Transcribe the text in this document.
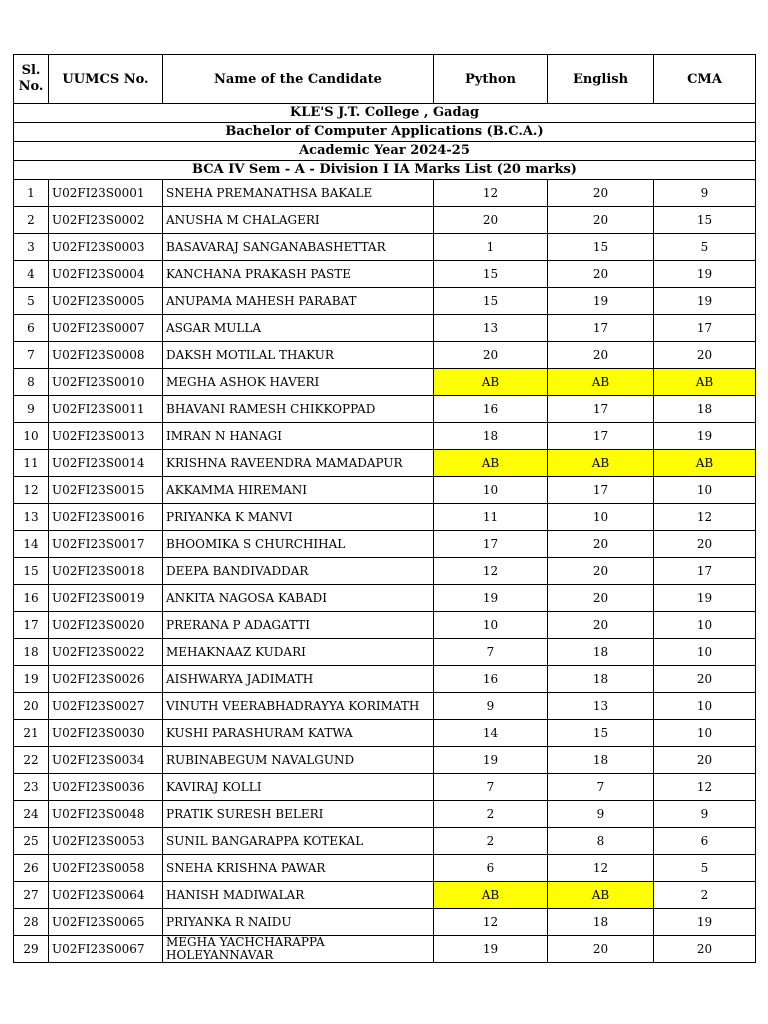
KLE'S J.T. College , Gadag					
Bachelor of Computer Applications (B.C.A.)					
Academic Year 2024-25					
BCA IV Sem - A - Division I IA Marks List (20 marks)					
Sl. No.	UUMCS No.	Name of the Candidate	Python	English	CMA
1	U02FI23S0001	SNEHA PREMANATHSA BAKALE	12	20	9
2	U02FI23S0002	ANUSHA M CHALAGERI	20	20	15
3	U02FI23S0003	BASAVARAJ SANGANABASHETTAR	1	15	5
4	U02FI23S0004	KANCHANA PRAKASH PASTE	15	20	19
5	U02FI23S0005	ANUPAMA MAHESH PARABAT	15	19	19
6	U02FI23S0007	ASGAR MULLA	13	17	17
7	U02FI23S0008	DAKSH MOTILAL THAKUR	20	20	20
8	U02FI23S0010	MEGHA ASHOK HAVERI	AB	AB	AB
9	U02FI23S0011	BHAVANI RAMESH CHIKKOPPAD	16	17	18
10	U02FI23S0013	IMRAN N HANAGI	18	17	19
11	U02FI23S0014	KRISHNA RAVEENDRA MAMADAPUR	AB	AB	AB
12	U02FI23S0015	AKKAMMA HIREMANI	10	17	10
13	U02FI23S0016	PRIYANKA K MANVI	11	10	12
14	U02FI23S0017	BHOOMIKA S CHURCHIHAL	17	20	20
15	U02FI23S0018	DEEPA BANDIVADDAR	12	20	17
16	U02FI23S0019	ANKITA NAGOSA KABADI	19	20	19
17	U02FI23S0020	PRERANA P ADAGATTI	10	20	10
18	U02FI23S0022	MEHAKNAAZ KUDARI	7	18	10
19	U02FI23S0026	AISHWARYA JADIMATH	16	18	20
20	U02FI23S0027	VINUTH VEERABHADRAYYA KORIMATH	9	13	10
21	U02FI23S0030	KUSHI PARASHURAM KATWA	14	15	10
22	U02FI23S0034	RUBINABEGUM NAVALGUND	19	18	20
23	U02FI23S0036	KAVIRAJ KOLLI	7	7	12
24	U02FI23S0048	PRATIK SURESH BELERI	2	9	9
25	U02FI23S0053	SUNIL BANGARAPPA KOTEKAL	2	8	6
26	U02FI23S0058	SNEHA KRISHNA PAWAR	6	12	5
27	U02FI23S0064	HANISH MADIWALAR	AB	AB	2
28	U02FI23S0065	PRIYANKA R NAIDU	12	18	19
29	U02FI23S0067	MEGHA YACHCHARAPPA HOLEYANNAVAR	19	20	20
